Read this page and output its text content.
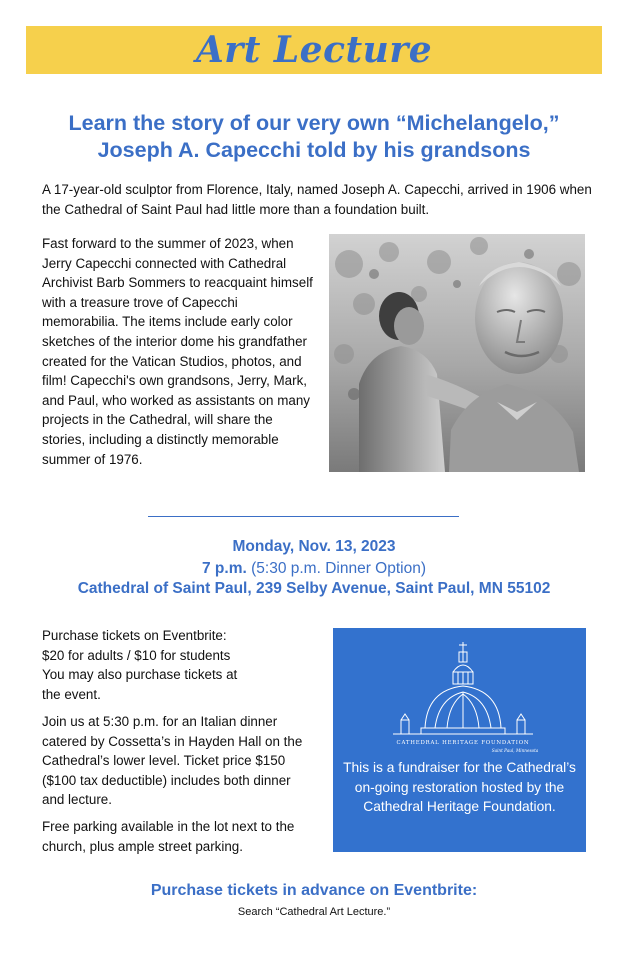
Art Lecture
Learn the story of our very own “Michelangelo,”
Joseph A. Capecchi told by his grandsons

A 17-year-old sculptor from Florence, Italy, named Joseph A. Capecchi, arrived in 1906 when the Cathedral of Saint Paul had little more than a foundation built.

Fast forward to the summer of 2023, when Jerry Capecchi connected with Cathedral Archivist Barb Sommers to reacquaint himself with a treasure trove of Capecchi memorabilia. The items include early color sketches of the interior dome his grandfather created for the Vatican Studios, photos, and film! Capecchi's own grandsons, Jerry, Mark, and Paul, who worked as assistants on many projects in the Cathedral, will share the stories, including a distinctly memorable summer of 1976.

Monday, Nov. 13, 2023
7 p.m. (5:30 p.m. Dinner Option)
Cathedral of Saint Paul, 239 Selby Avenue, Saint Paul, MN 55102
Purchase tickets on Eventbrite:
$20 for adults / $10 for students
You may also purchase tickets at
the event.

Join us at 5:30 p.m. for an Italian dinner catered by Cossetta’s in Hayden Hall on the Cathedral’s lower level. Ticket price $150 ($100 tax deductible) includes both dinner and lecture.

Free parking available in the lot next to the church, plus ample street parking.

CATHEDRAL HERITAGE FOUNDATION
Saint Paul, Minnesota

This is a fundraiser for the Cathedral’s on-going restoration hosted by the Cathedral Heritage Foundation.

Purchase tickets in advance on Eventbrite:
Search “Cathedral Art Lecture.”
